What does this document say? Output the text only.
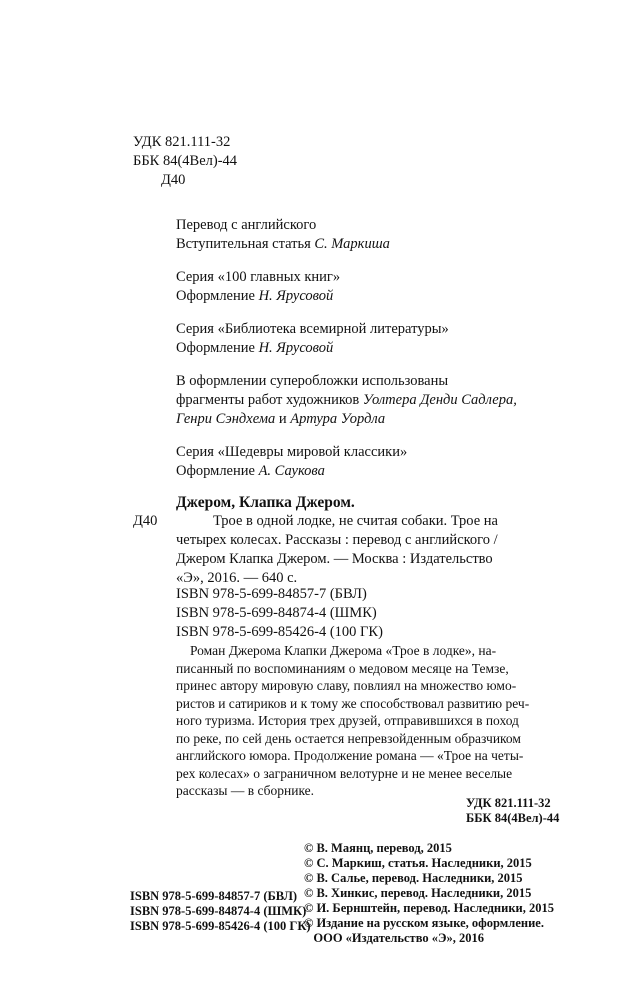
УДК 821.111-32
ББК 84(4Вел)-44
Д40
Перевод с английского
Вступительная статья С. Маркиша
Серия «100 главных книг»
Оформление Н. Ярусовой
Серия «Библиотека всемирной литературы»
Оформление Н. Ярусовой
В оформлении суперобложки использованы
фрагменты работ художников Уолтера Денди Садлера,
Генри Сэндхема и Артура Уордла
Серия «Шедевры мировой классики»
Оформление А. Саукова
Джером, Клапка Джером.
Д40	Трое в одной лодке, не считая собаки. Трое на
четырех колесах. Рассказы : перевод с английского /
Джером Клапка Джером. — Москва : Издательство
«Э», 2016. — 640 с.
ISBN 978-5-699-84857-7 (БВЛ)
ISBN 978-5-699-84874-4 (ШМК)
ISBN 978-5-699-85426-4 (100 ГК)
Роман Джерома Клапки Джерома «Трое в лодке», на-
писанный по воспоминаниям о медовом месяце на Темзе,
принес автору мировую славу, повлиял на множество юмо-
ристов и сатириков и к тому же способствовал развитию реч-
ного туризма. История трех друзей, отправившихся в поход
по реке, по сей день остается непревзойденным образчиком
английского юмора. Продолжение романа — «Трое на четы-
рех колесах» о заграничном велотурне и не менее веселые
рассказы — в сборнике.
УДК 821.111-32
ББК 84(4Вел)-44
© В. Маянц, перевод, 2015
© С. Маркиш, статья. Наследники, 2015
© В. Салье, перевод. Наследники, 2015
© В. Хинкис, перевод. Наследники, 2015
© И. Бернштейн, перевод. Наследники, 2015
© Издание на русском языке, оформление.
ООО «Издательство «Э», 2016
ISBN 978-5-699-84857-7 (БВЛ)
ISBN 978-5-699-84874-4 (ШМК)
ISBN 978-5-699-85426-4 (100 ГК)
